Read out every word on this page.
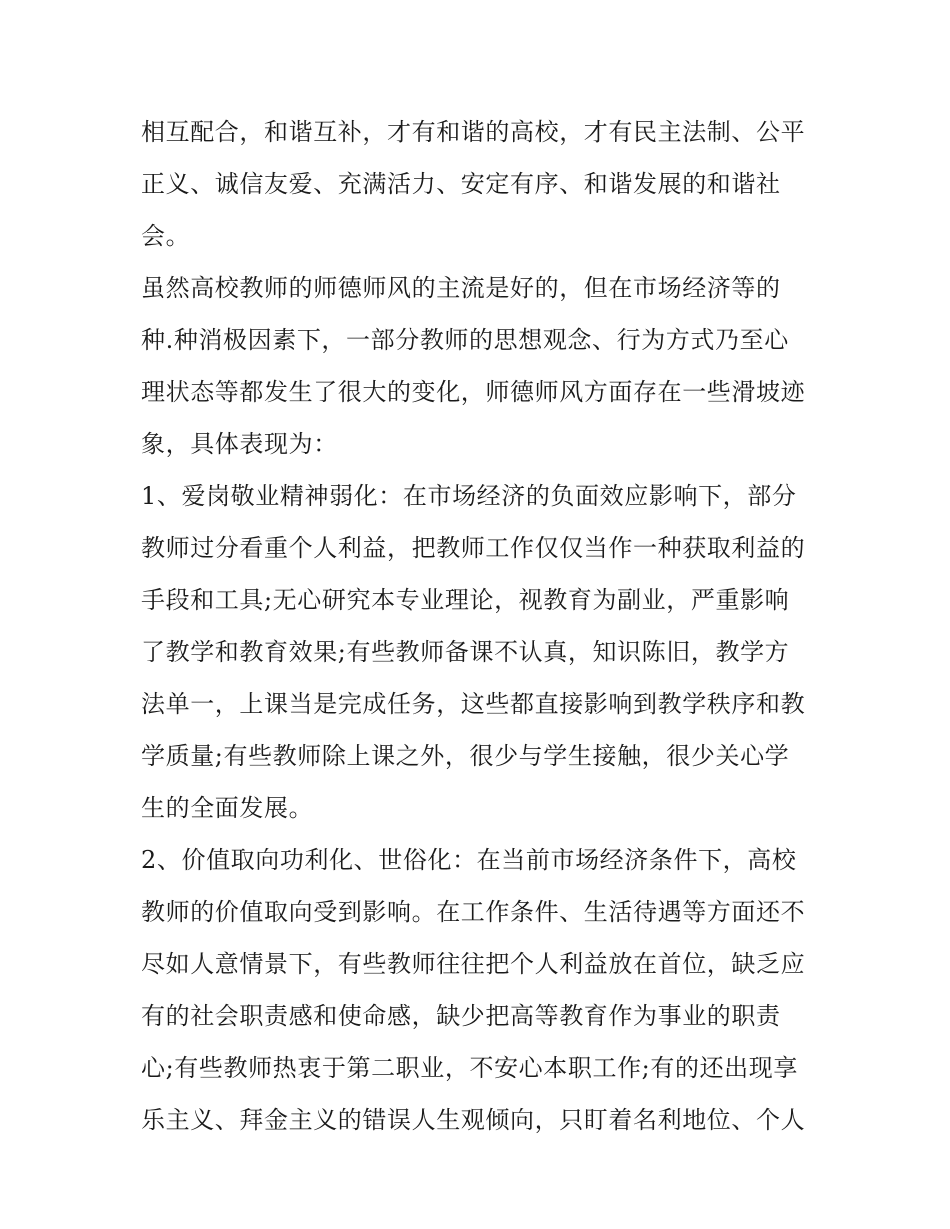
相互配合，和谐互补，才有和谐的高校，才有民主法制、公平
正义、诚信友爱、充满活力、安定有序、和谐发展的和谐社
会。
虽然高校教师的师德师风的主流是好的，但在市场经济等的
种.种消极因素下，一部分教师的思想观念、行为方式乃至心
理状态等都发生了很大的变化，师德师风方面存在一些滑坡迹
象，具体表现为：
1、爱岗敬业精神弱化：在市场经济的负面效应影响下，部分
教师过分看重个人利益，把教师工作仅仅当作一种获取利益的
手段和工具;无心研究本专业理论，视教育为副业，严重影响
了教学和教育效果;有些教师备课不认真，知识陈旧，教学方
法单一，上课当是完成任务，这些都直接影响到教学秩序和教
学质量;有些教师除上课之外，很少与学生接触，很少关心学
生的全面发展。
2、价值取向功利化、世俗化：在当前市场经济条件下，高校
教师的价值取向受到影响。在工作条件、生活待遇等方面还不
尽如人意情景下，有些教师往往把个人利益放在首位，缺乏应
有的社会职责感和使命感，缺少把高等教育作为事业的职责
心;有些教师热衷于第二职业，不安心本职工作;有的还出现享
乐主义、拜金主义的错误人生观倾向，只盯着名利地位、个人
